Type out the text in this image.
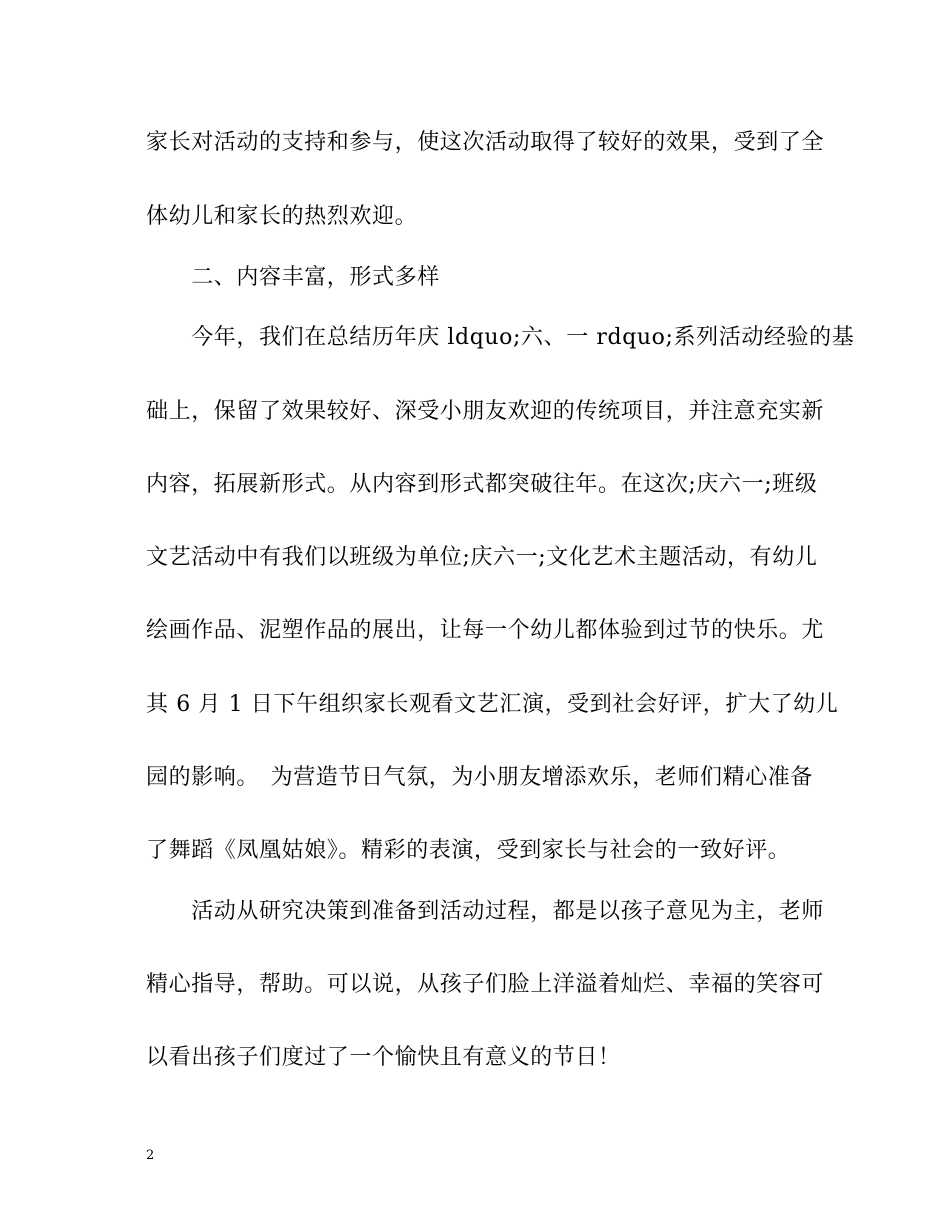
家长对活动的支持和参与，使这次活动取得了较好的效果，受到了全
体幼儿和家长的热烈欢迎。
　　二、内容丰富，形式多样
　　今年，我们在总结历年庆 ldquo;六、一 rdquo;系列活动经验的基
础上，保留了效果较好、深受小朋友欢迎的传统项目，并注意充实新
内容，拓展新形式。从内容到形式都突破往年。在这次;庆六一;班级
文艺活动中有我们以班级为单位;庆六一;文化艺术主题活动，有幼儿
绘画作品、泥塑作品的展出，让每一个幼儿都体验到过节的快乐。尤
其 6 月 1 日下午组织家长观看文艺汇演，受到社会好评，扩大了幼儿
园的影响。　为营造节日气氛，为小朋友增添欢乐，老师们精心准备
了舞蹈《凤凰姑娘》。精彩的表演，受到家长与社会的一致好评。
　　活动从研究决策到准备到活动过程，都是以孩子意见为主，老师
精心指导，帮助。可以说，从孩子们脸上洋溢着灿烂、幸福的笑容可
以看出孩子们度过了一个愉快且有意义的节日！
2
